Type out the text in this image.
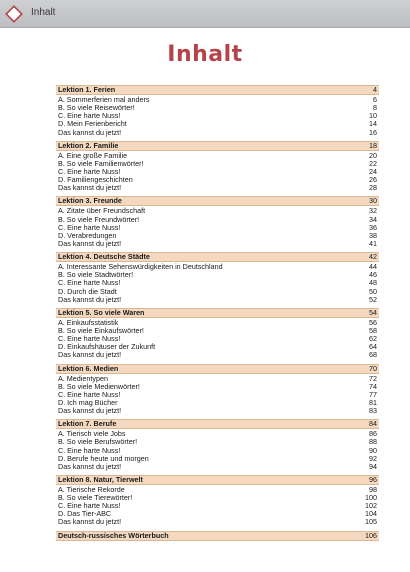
Inhalt
Inhalt
Lektion 1. Ferien	4
A. Sommerferien mal anders	6
B. So viele Reisewörter!	8
C. Eine harte Nuss!	10
D. Mein Ferienbericht	14
Das kannst du jetzt!	16
Lektion 2. Familie	18
A. Eine große Familie	20
B. So viele Familienwörter!	22
C. Eine harte Nuss!	24
D. Familiengeschichten	26
Das kannst du jetzt!	28
Lektion 3. Freunde	30
A. Zitate über Freundschaft	32
B. So viele Freundwörter!	34
C. Eine harte Nuss!	36
D. Verabredungen	38
Das kannst du jetzt!	41
Lektion 4. Deutsche Städte	42
A. Interessante Sehenswürdigkeiten in Deutschland	44
B. So viele Stadtwörter!	46
C. Eine harte Nuss!	48
D. Durch die Stadt	50
Das kannst du jetzt!	52
Lektion 5. So viele Waren	54
A. Einkaufsstatistik	56
B. So viele Einkaufswörter!	58
C. Eine harte Nuss!	62
D. Einkaufshäuser der Zukunft	64
Das kannst du jetzt!	68
Lektion 6. Medien	70
A. Medientypen	72
B. So viele Medienwörter!	74
C. Eine harte Nuss!	77
D. Ich mag Bücher	81
Das kannst du jetzt!	83
Lektion 7. Berufe	84
A. Tierisch viele Jobs	86
B. So viele Berufswörter!	88
C. Eine harte Nuss!	90
D. Berufe heute und morgen	92
Das kannst du jetzt!	94
Lektion 8. Natur, Tierwelt	96
A. Tierische Rekorde	98
B. So viele Tierewörter!	100
C. Eine harte Nuss!	102
D. Das Tier-ABC	104
Das kannst du jetzt!	105
Deutsch-russisches Wörterbuch	106
